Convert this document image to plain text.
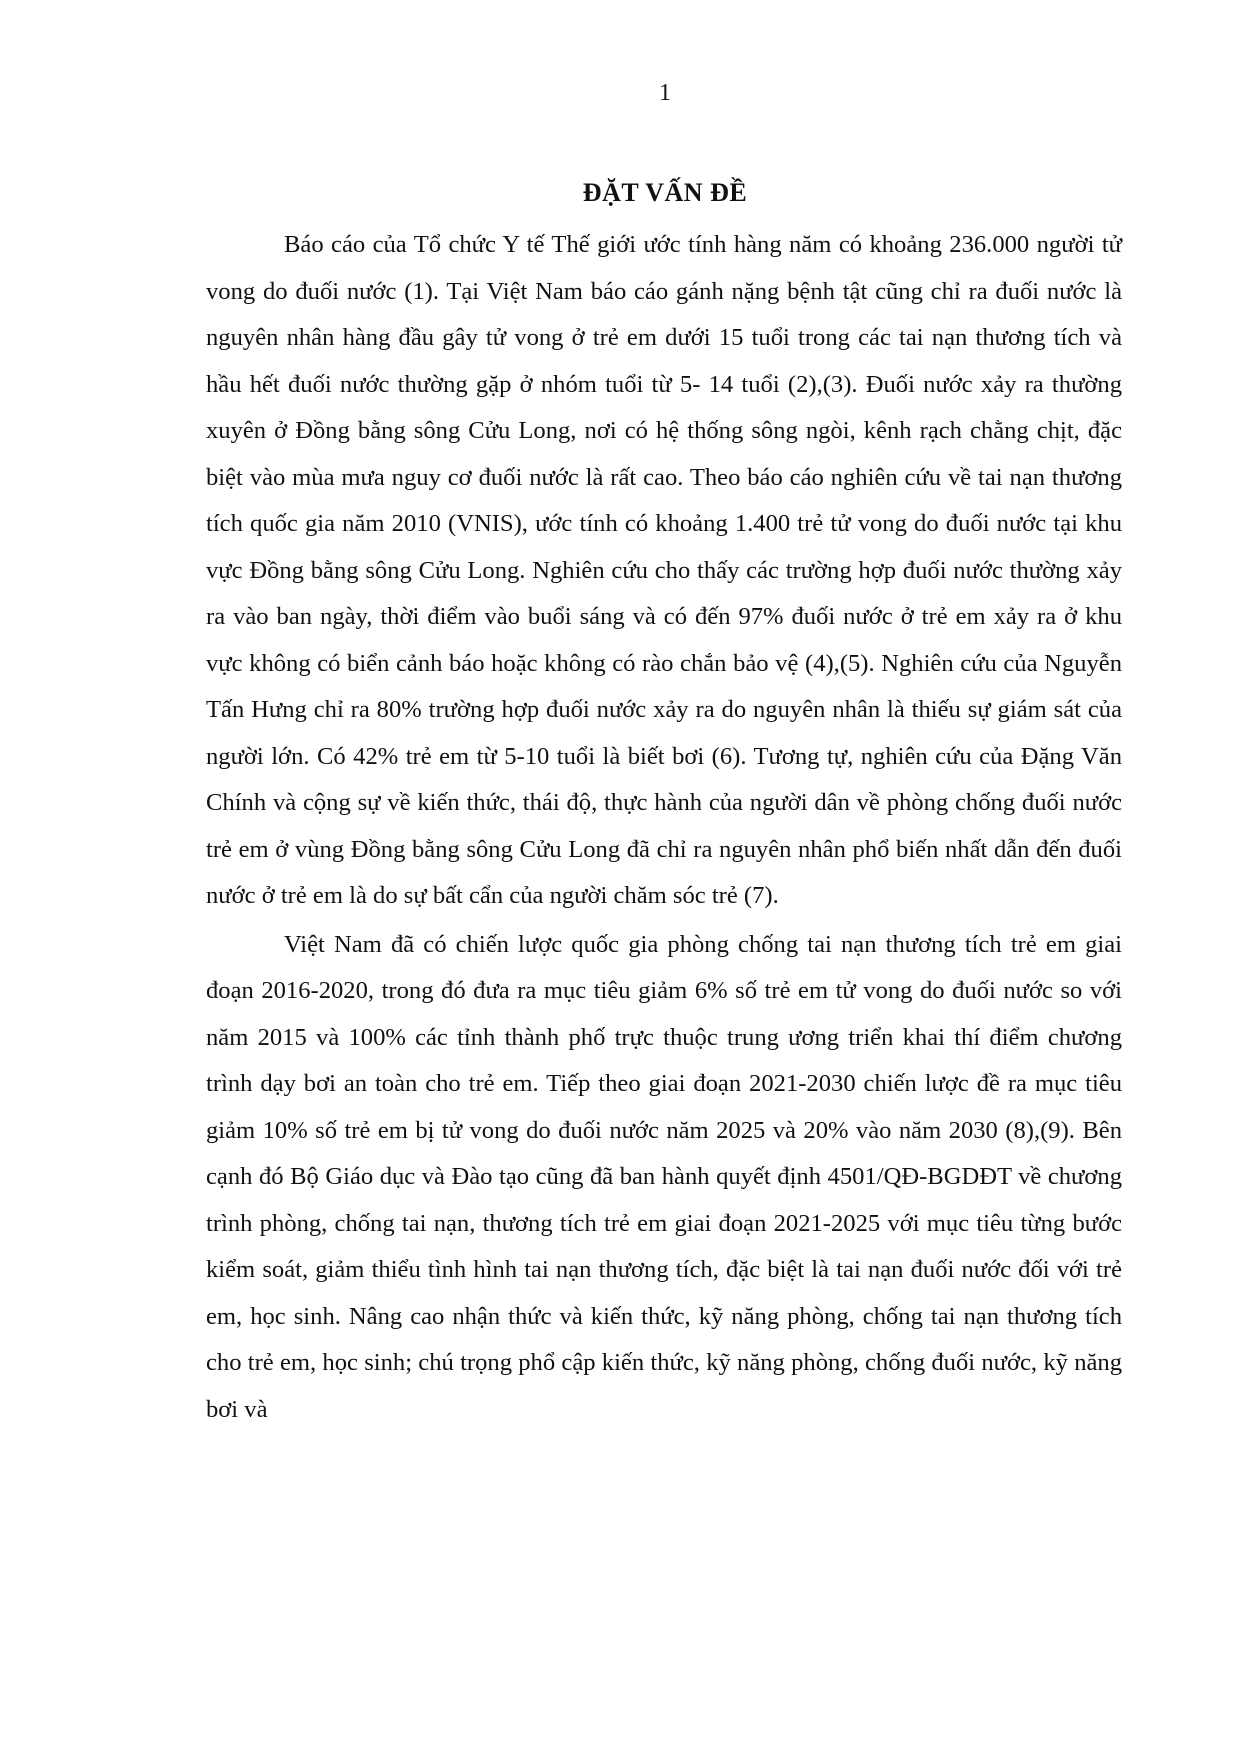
1
ĐẶT VẤN ĐỀ

Báo cáo của Tổ chức Y tế Thế giới ước tính hàng năm có khoảng 236.000 người tử vong do đuối nước (1). Tại Việt Nam báo cáo gánh nặng bệnh tật cũng chỉ ra đuối nước là nguyên nhân hàng đầu gây tử vong ở trẻ em dưới 15 tuổi trong các tai nạn thương tích và hầu hết đuối nước thường gặp ở nhóm tuổi từ 5- 14 tuổi (2),(3). Đuối nước xảy ra thường xuyên ở Đồng bằng sông Cửu Long, nơi có hệ thống sông ngòi, kênh rạch chằng chịt, đặc biệt vào mùa mưa nguy cơ đuối nước là rất cao. Theo báo cáo nghiên cứu về tai nạn thương tích quốc gia năm 2010 (VNIS), ước tính có khoảng 1.400 trẻ tử vong do đuối nước tại khu vực Đồng bằng sông Cửu Long. Nghiên cứu cho thấy các trường hợp đuối nước thường xảy ra vào ban ngày, thời điểm vào buổi sáng và có đến 97% đuối nước ở trẻ em xảy ra ở khu vực không có biển cảnh báo hoặc không có rào chắn bảo vệ (4),(5). Nghiên cứu của Nguyễn Tấn Hưng chỉ ra 80% trường hợp đuối nước xảy ra do nguyên nhân là thiếu sự giám sát của người lớn. Có 42% trẻ em từ 5-10 tuổi là biết bơi (6). Tương tự, nghiên cứu của Đặng Văn Chính và cộng sự về kiến thức, thái độ, thực hành của người dân về phòng chống đuối nước trẻ em ở vùng Đồng bằng sông Cửu Long đã chỉ ra nguyên nhân phổ biến nhất dẫn đến đuối nước ở trẻ em là do sự bất cẩn của người chăm sóc trẻ (7).

Việt Nam đã có chiến lược quốc gia phòng chống tai nạn thương tích trẻ em giai đoạn 2016-2020, trong đó đưa ra mục tiêu giảm 6% số trẻ em tử vong do đuối nước so với năm 2015 và 100% các tỉnh thành phố trực thuộc trung ương triển khai thí điểm chương trình dạy bơi an toàn cho trẻ em. Tiếp theo giai đoạn 2021-2030 chiến lược đề ra mục tiêu giảm 10% số trẻ em bị tử vong do đuối nước năm 2025 và 20% vào năm 2030 (8),(9). Bên cạnh đó Bộ Giáo dục và Đào tạo cũng đã ban hành quyết định 4501/QĐ-BGDĐT về chương trình phòng, chống tai nạn, thương tích trẻ em giai đoạn 2021-2025 với mục tiêu từng bước kiểm soát, giảm thiểu tình hình tai nạn thương tích, đặc biệt là tai nạn đuối nước đối với trẻ em, học sinh. Nâng cao nhận thức và kiến thức, kỹ năng phòng, chống tai nạn thương tích cho trẻ em, học sinh; chú trọng phổ cập kiến thức, kỹ năng phòng, chống đuối nước, kỹ năng bơi và
